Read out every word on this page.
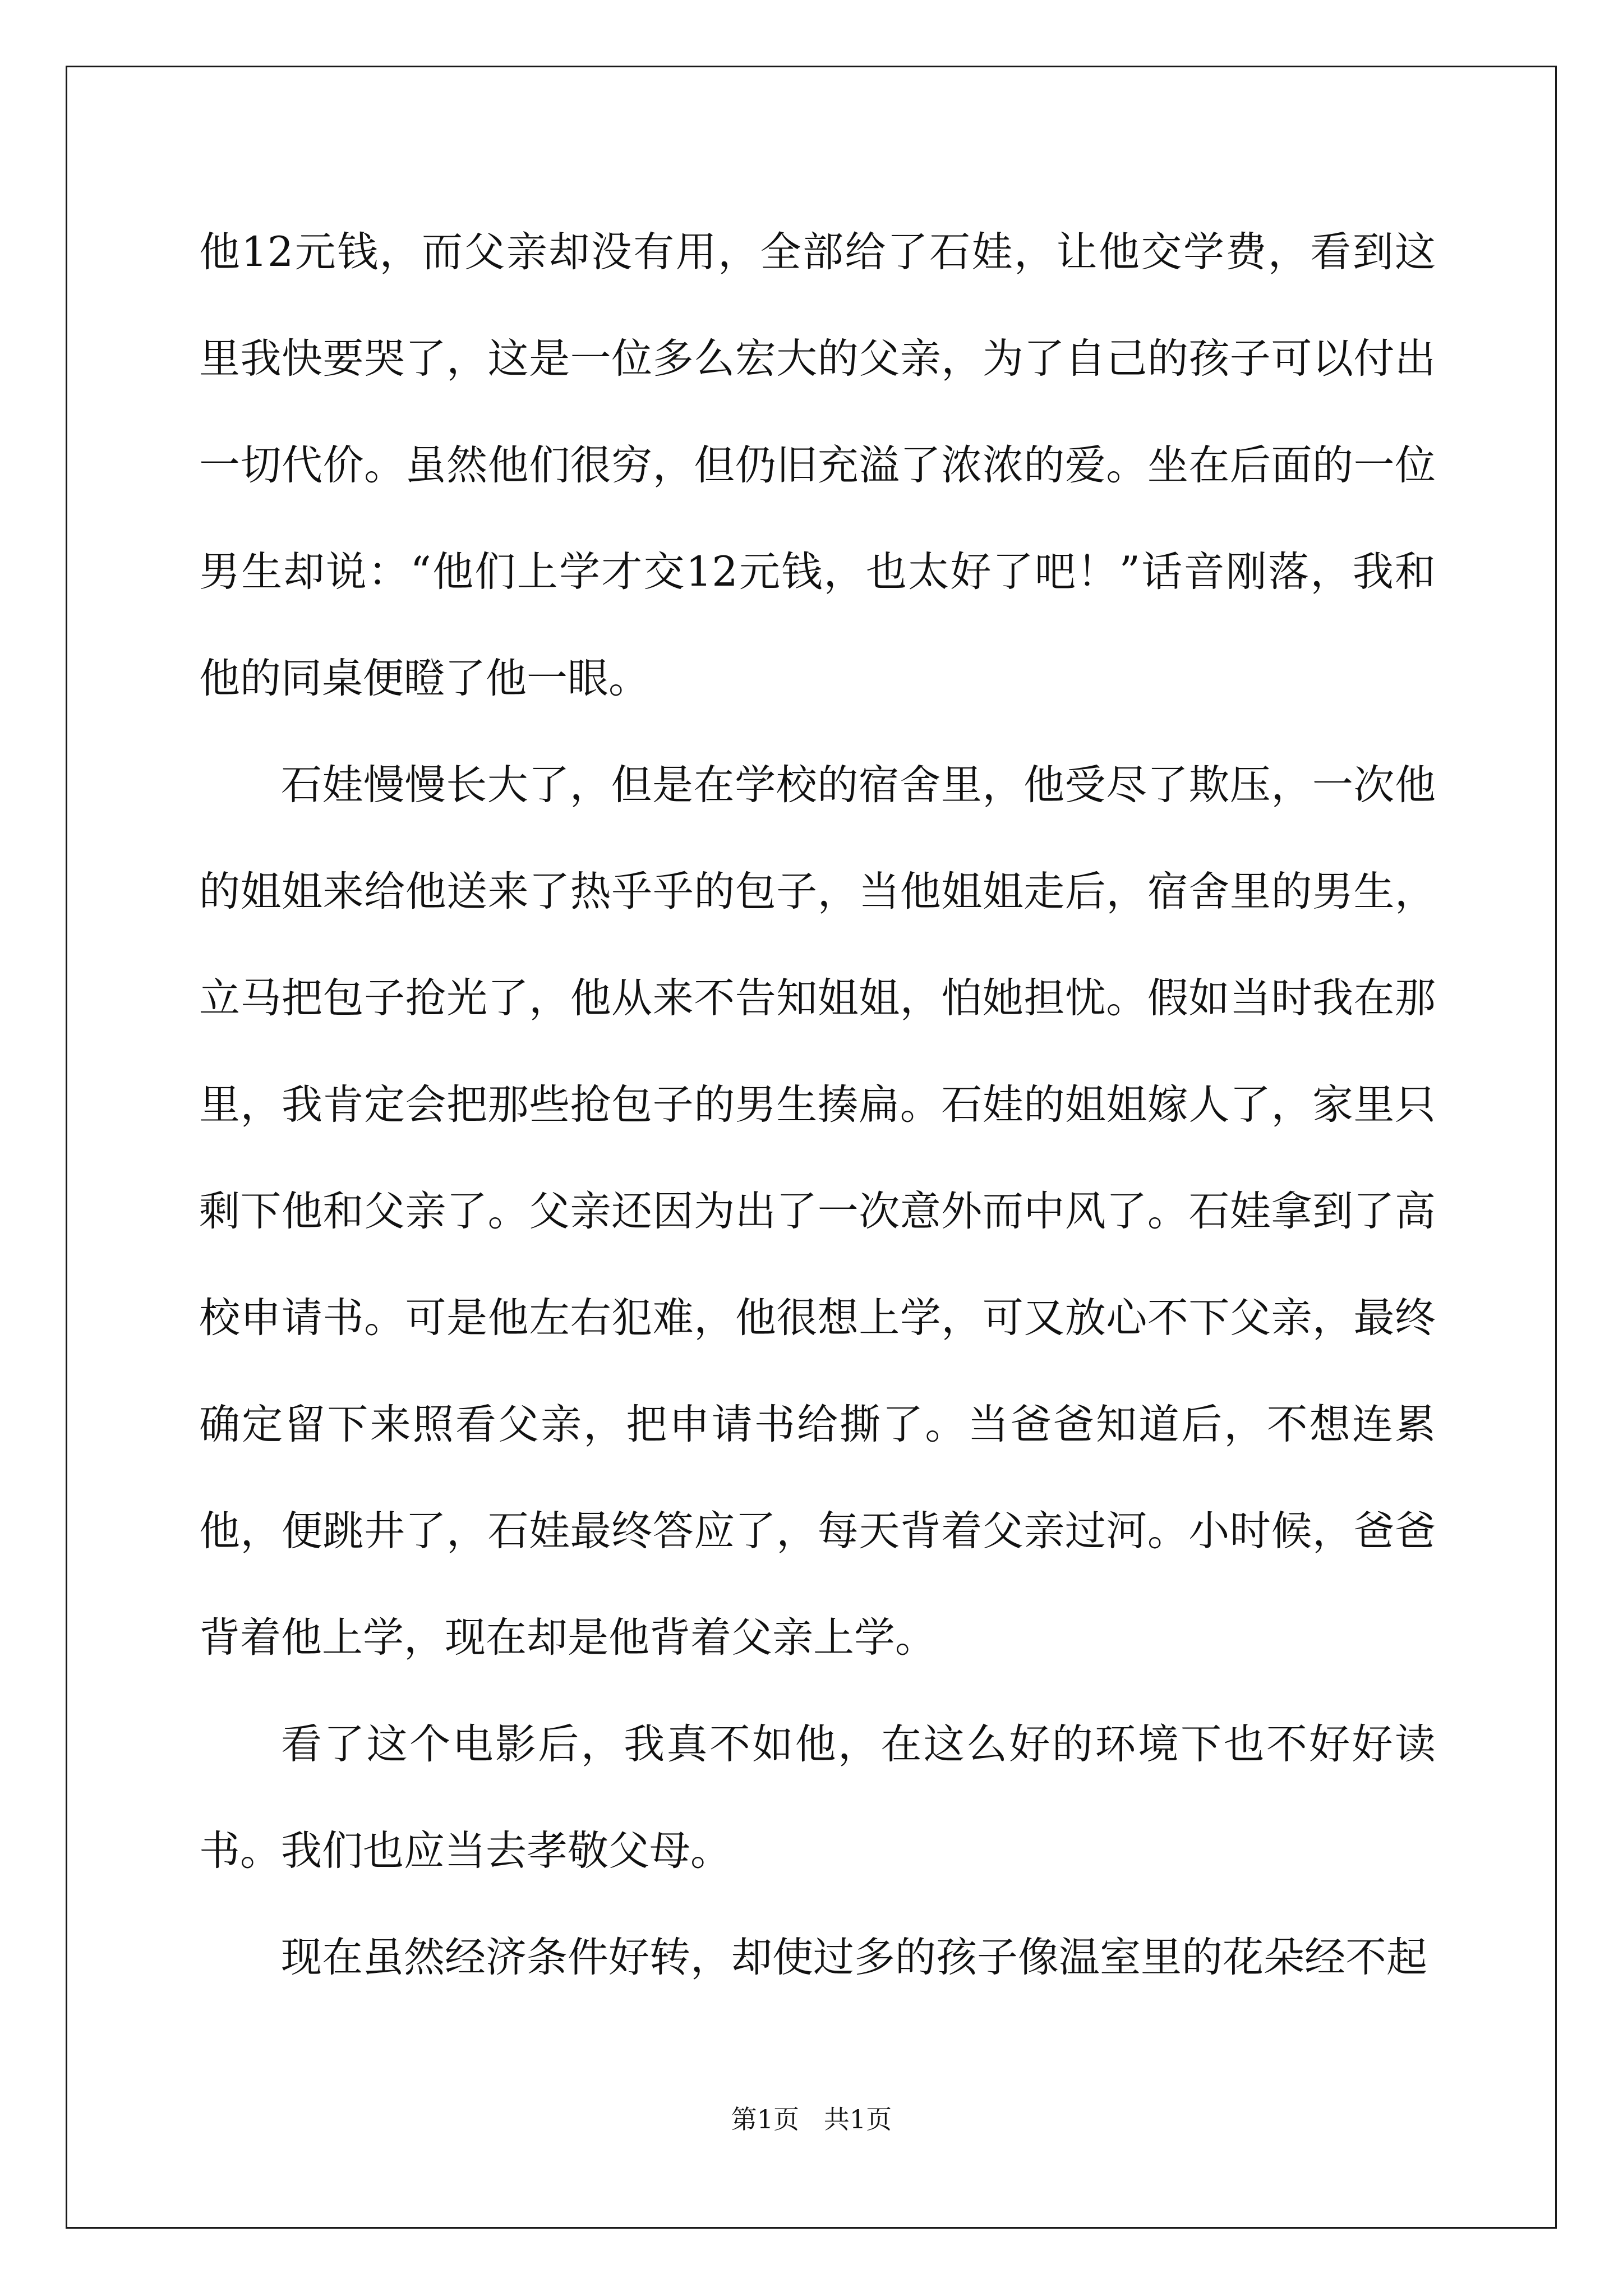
他12元钱，而父亲却没有用，全部给了石娃，让他交学费，看到这里我快要哭了，这是一位多么宏大的父亲，为了自己的孩子可以付出一切代价。虽然他们很穷，但仍旧充溢了浓浓的爱。坐在后面的一位男生却说：“他们上学才交12元钱，也太好了吧！”话音刚落，我和他的同桌便瞪了他一眼。

石娃慢慢长大了，但是在学校的宿舍里，他受尽了欺压，一次他的姐姐来给他送来了热乎乎的包子，当他姐姐走后，宿舍里的男生，立马把包子抢光了，他从来不告知姐姐，怕她担忧。假如当时我在那里，我肯定会把那些抢包子的男生揍扁。石娃的姐姐嫁人了，家里只剩下他和父亲了。父亲还因为出了一次意外而中风了。石娃拿到了高校申请书。可是他左右犯难，他很想上学，可又放心不下父亲，最终确定留下来照看父亲，把申请书给撕了。当爸爸知道后，不想连累他，便跳井了，石娃最终答应了，每天背着父亲过河。小时候，爸爸背着他上学，现在却是他背着父亲上学。

看了这个电影后，我真不如他，在这么好的环境下也不好好读书。我们也应当去孝敬父母。

现在虽然经济条件好转，却使过多的孩子像温室里的花朵经不起

第1页   共1页
